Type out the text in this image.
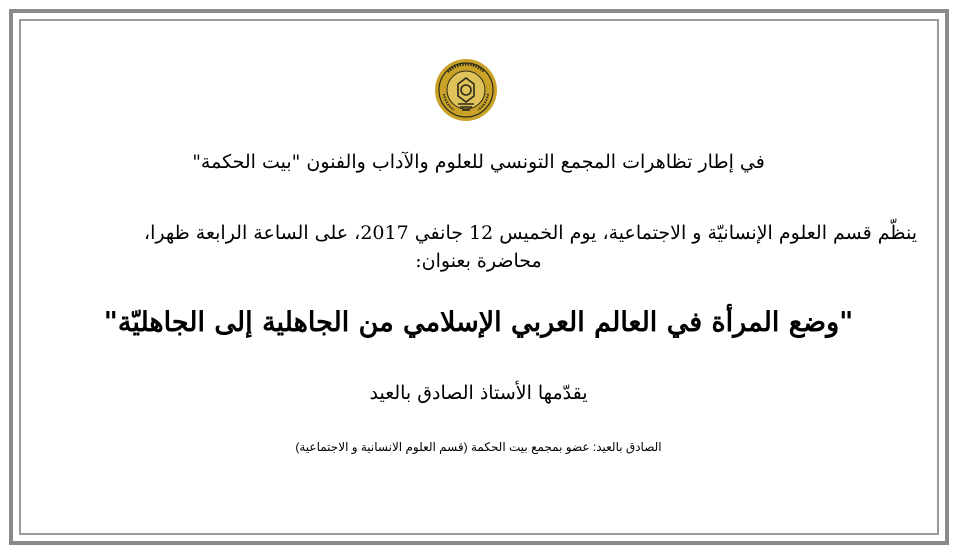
في إطار تظاهرات المجمع التونسي للعلوم والآداب والفنون "بيت الحكمة"
ينظّم قسم العلوم الإنسانيّة و الاجتماعية، يوم الخميس 12 جانفي 2017، على الساعة الرابعة ظهرا،
محاضرة بعنوان:
"وضع المرأة في العالم العربي الإسلامي من الجاهلية إلى الجاهليّة"
يقدّمها الأستاذ الصادق بالعيد
الصادق بالعيد: عضو بمجمع بيت الحكمة (قسم العلوم الانسانية و الاجتماعية)
